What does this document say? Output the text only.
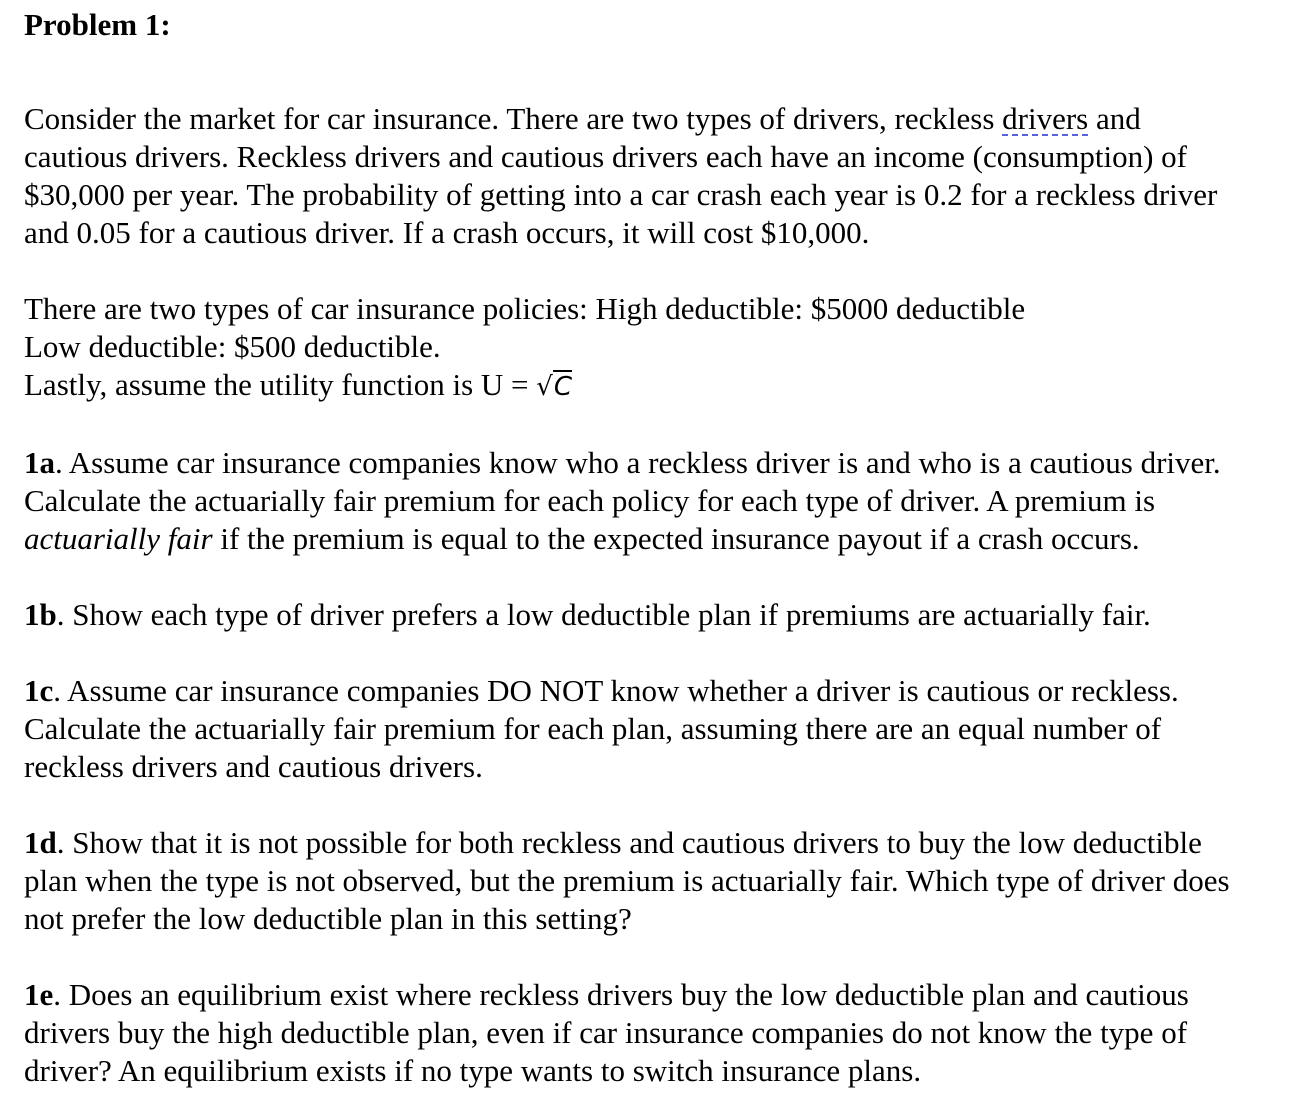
Problem 1:

Consider the market for car insurance. There are two types of drivers, reckless drivers and
cautious drivers. Reckless drivers and cautious drivers each have an income (consumption) of
$30,000 per year. The probability of getting into a car crash each year is 0.2 for a reckless driver
and 0.05 for a cautious driver. If a crash occurs, it will cost $10,000.

There are two types of car insurance policies: High deductible: $5000 deductible
Low deductible: $500 deductible.
Lastly, assume the utility function is U = √C

1a. Assume car insurance companies know who a reckless driver is and who is a cautious driver.
Calculate the actuarially fair premium for each policy for each type of driver. A premium is
actuarially fair if the premium is equal to the expected insurance payout if a crash occurs.

1b. Show each type of driver prefers a low deductible plan if premiums are actuarially fair.

1c. Assume car insurance companies DO NOT know whether a driver is cautious or reckless.
Calculate the actuarially fair premium for each plan, assuming there are an equal number of
reckless drivers and cautious drivers.

1d. Show that it is not possible for both reckless and cautious drivers to buy the low deductible
plan when the type is not observed, but the premium is actuarially fair. Which type of driver does
not prefer the low deductible plan in this setting?

1e. Does an equilibrium exist where reckless drivers buy the low deductible plan and cautious
drivers buy the high deductible plan, even if car insurance companies do not know the type of
driver? An equilibrium exists if no type wants to switch insurance plans.
